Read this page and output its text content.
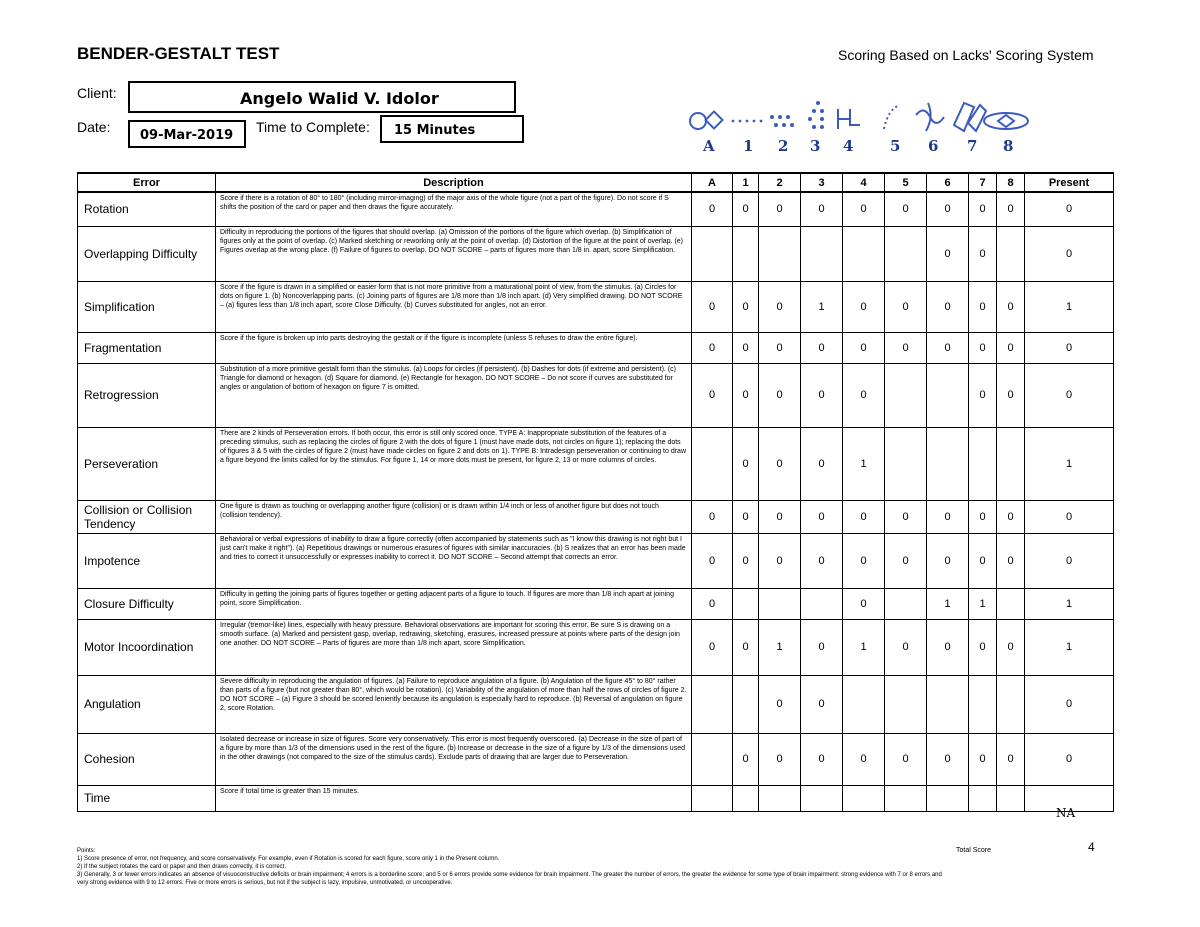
BENDER-GESTALT TEST	Scoring Based on Lacks' Scoring System
Client:	Angelo Walid V. Idolor
Date:
09-Mar-2019
Time to Complete:	15 Minutes
A 1 2 3 4 5 6 7 8
Error	Description	A	1	2	3	4	5	6	7	8	Present
Rotation	Score if there is a rotation of 80° to 180° (including mirror-imaging) of the major axis of the whole figure (not a part of the figure). Do not score if S shifts the position of the card or paper and then draws the figure accurately.	0	0	0	0	0	0	0	0	0	0
Overlapping Difficulty	Difficulty in reproducing the portions of the figures that should overlap. (a) Omission of the portions of the figure which overlap. (b) Simplification of figures only at the point of overlap. (c) Marked sketching or reworking only at the point of overlap. (d) Distortion of the figure at the point of overlap. (e) Figures overlap at the wrong place. (f) Failure of figures to overlap. DO NOT SCORE – parts of figures more than 1/8 in. apart, score Simplification.							0	0		0
Simplification	Score if the figure is drawn in a simplified or easier form that is not more primitive from a maturational point of view, from the stimulus. (a) Circles for dots on figure 1. (b) Noncoverlapping parts. (c) Joining parts of figures are 1/8 more than 1/8 inch apart. (d) Very simplified drawing. DO NOT SCORE – (a) figures less than 1/8 inch apart, score Close Difficulty. (b) Curves substituted for angles, not an error.	0	0	0	1	0	0	0	0	0	1
Fragmentation	Score if the figure is broken up into parts destroying the gestalt or if the figure is incomplete (unless S refuses to draw the entire figure).	0	0	0	0	0	0	0	0	0	0
Retrogression	Substitution of a more primitive gestalt form than the stimulus. (a) Loops for circles (if persistent). (b) Dashes for dots (if extreme and persistent). (c) Triangle for diamond or hexagon. (d) Square for diamond. (e) Rectangle for hexagon. DO NOT SCORE – Do not score if curves are substituted for angles or angulation of bottom of hexagon on figure 7 is omitted.	0	0	0	0	0			0	0	0
Perseveration	There are 2 kinds of Perseveration errors. If both occur, this error is still only scored once. TYPE A: Inappropriate substitution of the features of a preceding stimulus, such as replacing the circles of figure 2 with the dots of figure 1 (must have made dots, not circles on figure 1); replacing the dots of figures 3 & 5 with the circles of figure 2 (must have made circles on figure 2 and dots on 1). TYPE B: Intradesign perseveration or continuing to draw a figure beyond the limits called for by the stimulus. For figure 1, 14 or more dots must be present, for figure 2, 13 or more columns of circles.		0	0	0	1					1
Collision or Collision Tendency	One figure is drawn as touching or overlapping another figure (collision) or is drawn within 1/4 inch or less of another figure but does not touch (collision tendency).	0	0	0	0	0	0	0	0	0	0
Impotence	Behavioral or verbal expressions of inability to draw a figure correctly (often accompanied by statements such as "I know this drawing is not right but I just can't make it right"). (a) Repetitious drawings or numerous erasures of figures with similar inaccuracies. (b) S realizes that an error has been made and tries to correct it unsuccessfully or expresses inability to correct it. DO NOT SCORE – Second attempt that corrects an error.	0	0	0	0	0	0	0	0	0	0
Closure Difficulty	Difficulty in getting the joining parts of figures together or getting adjacent parts of a figure to touch. If figures are more than 1/8 inch apart at joining point, score Simplification.	0				0		1	1		1
Motor Incoordination	Irregular (tremor-like) lines, especially with heavy pressure. Behavioral observations are important for scoring this error. Be sure S is drawing on a smooth surface. (a) Marked and persistent gasp, overlap, redrawing, sketching, erasures, increased pressure at points where parts of the design join one another. DO NOT SCORE – Parts of figures are more than 1/8 inch apart, score Simplification.	0	0	1	0	1	0	0	0	0	1
Angulation	Severe difficulty in reproducing the angulation of figures. (a) Failure to reproduce angulation of a figure. (b) Angulation of the figure 45° to 80° rather than parts of a figure (but not greater than 80°, which would be rotation). (c) Variability of the angulation of more than half the rows of circles of figure 2. DO NOT SCORE – (a) Figure 3 should be scored leniently because its angulation is especially hard to reproduce. (b) Reversal of angulation on figure 2, score Rotation.			0	0						0
Cohesion	Isolated decrease or increase in size of figures. Score very conservatively. This error is most frequently overscored. (a) Decrease in the size of part of a figure by more than 1/3 of the dimensions used in the rest of the figure. (b) Increase or decrease in the size of a figure by 1/3 of the dimensions used in the other drawings (not compared to the size of the stimulus cards). Exclude parts of drawing that are larger due to Perseveration.		0	0	0	0	0	0	0	0	0
Time	Score if total time is greater than 15 minutes.										
NA
Points:
1) Score presence of error, not frequency, and score conservatively. For example, even if Rotation is scored for each figure, score only 1 in the Present column.
2) If the subject rotates the card or paper and then draws correctly, it is correct.
3) Generally, 3 or fewer errors indicates an absence of visuoconstructive deficits or brain impairment; 4 errors is a borderline score; and 5 or 6 errors provide some evidence for brain impairment. The greater the number of errors, the greater the evidence for some type of brain impairment: strong evidence with 7 or 8 errors and very strong evidence with 9 to 12 errors. Five or more errors is serious, but not if the subject is lazy, impulsive, unmotivated, or uncooperative.
Total Score	4
